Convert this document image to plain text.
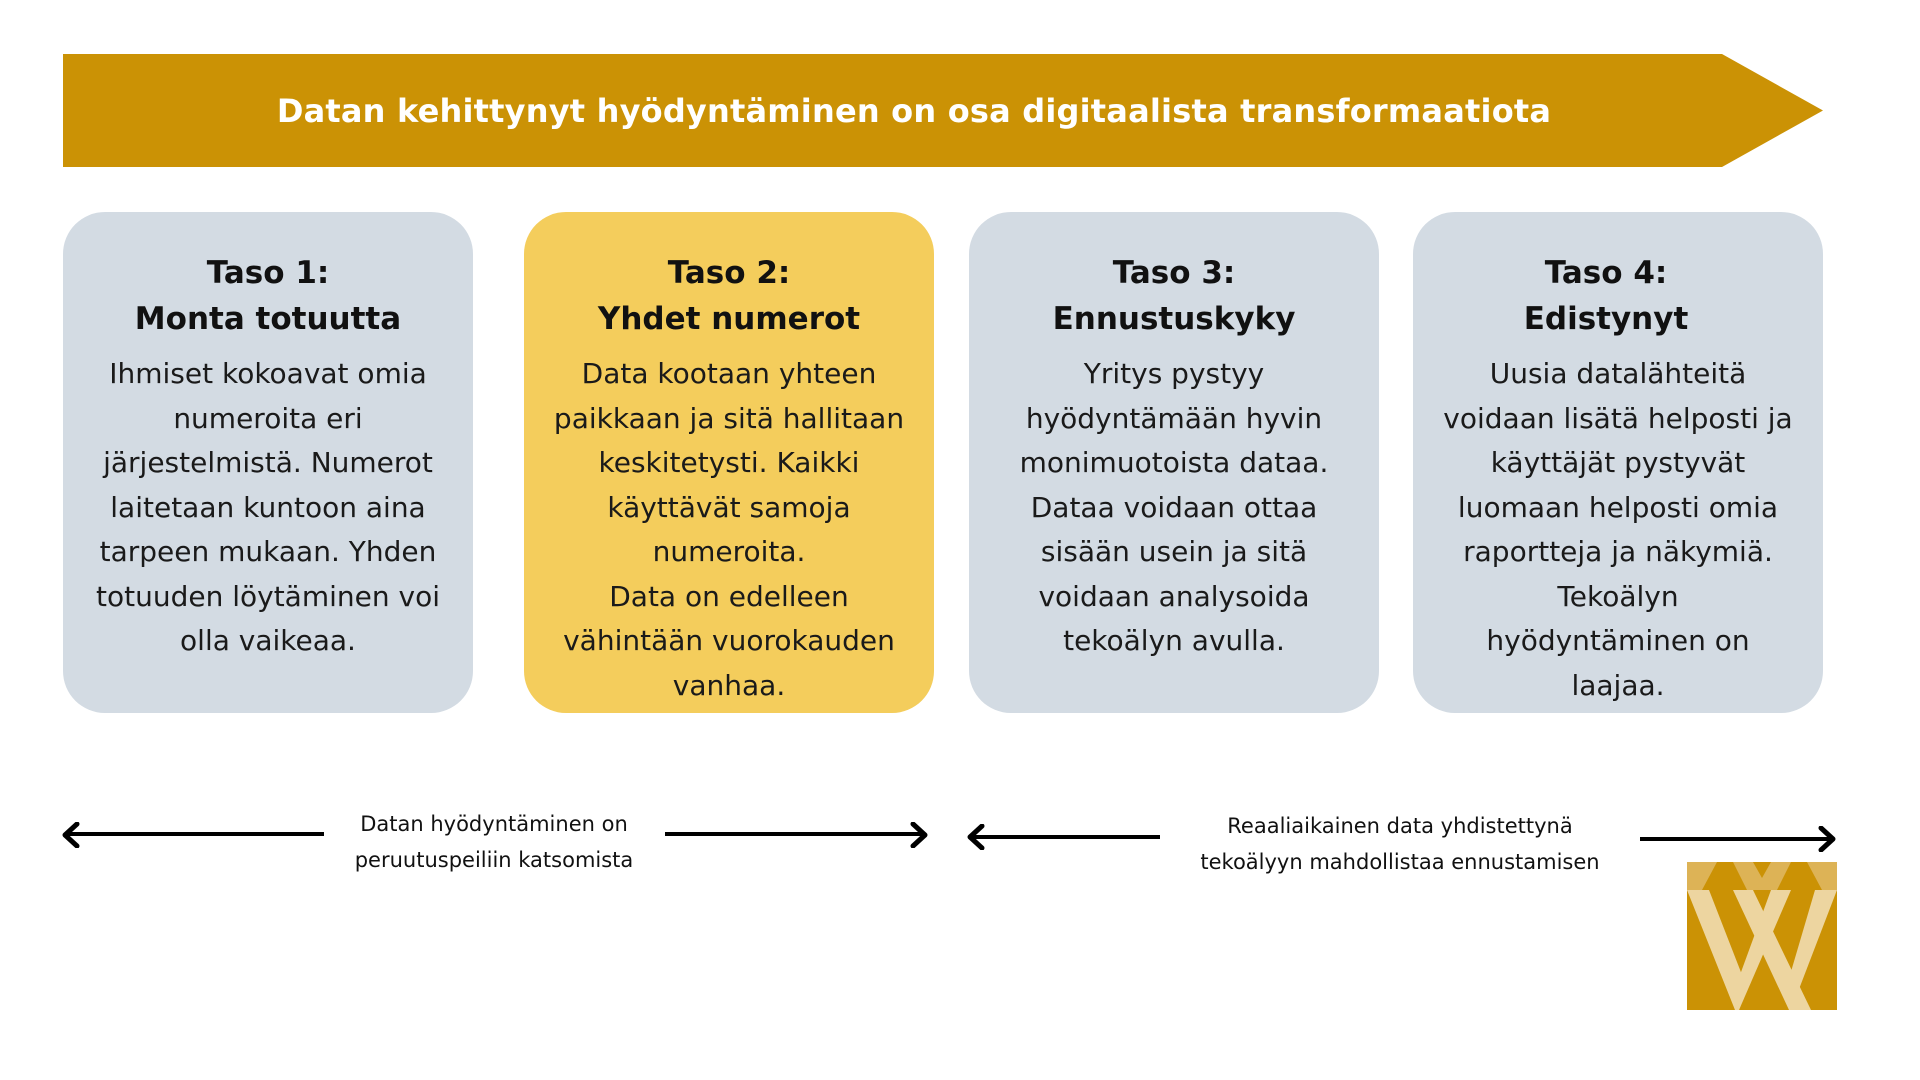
Datan kehittynyt hyödyntäminen on osa digitaalista transformaatiota
Taso 1:
Monta totuutta
Ihmiset kokoavat omia
numeroita eri
järjestelmistä. Numerot
laitetaan kuntoon aina
tarpeen mukaan. Yhden
totuuden löytäminen voi
olla vaikeaa.
Taso 2:
Yhdet numerot
Data kootaan yhteen
paikkaan ja sitä hallitaan
keskitetysti. Kaikki
käyttävät samoja
numeroita.
Data on edelleen
vähintään vuorokauden
vanhaa.
Taso 3:
Ennustuskyky
Yritys pystyy
hyödyntämään hyvin
monimuotoista dataa.
Dataa voidaan ottaa
sisään usein ja sitä
voidaan analysoida
tekoälyn avulla.
Taso 4:
Edistynyt
Uusia datalähteitä
voidaan lisätä helposti ja
käyttäjät pystyvät
luomaan helposti omia
raportteja ja näkymiä.
Tekoälyn
hyödyntäminen on
laajaa.
Datan hyödyntäminen on
peruutuspeiliin katsomista
Reaaliaikainen data yhdistettynä
tekoälyyn mahdollistaa ennustamisen
